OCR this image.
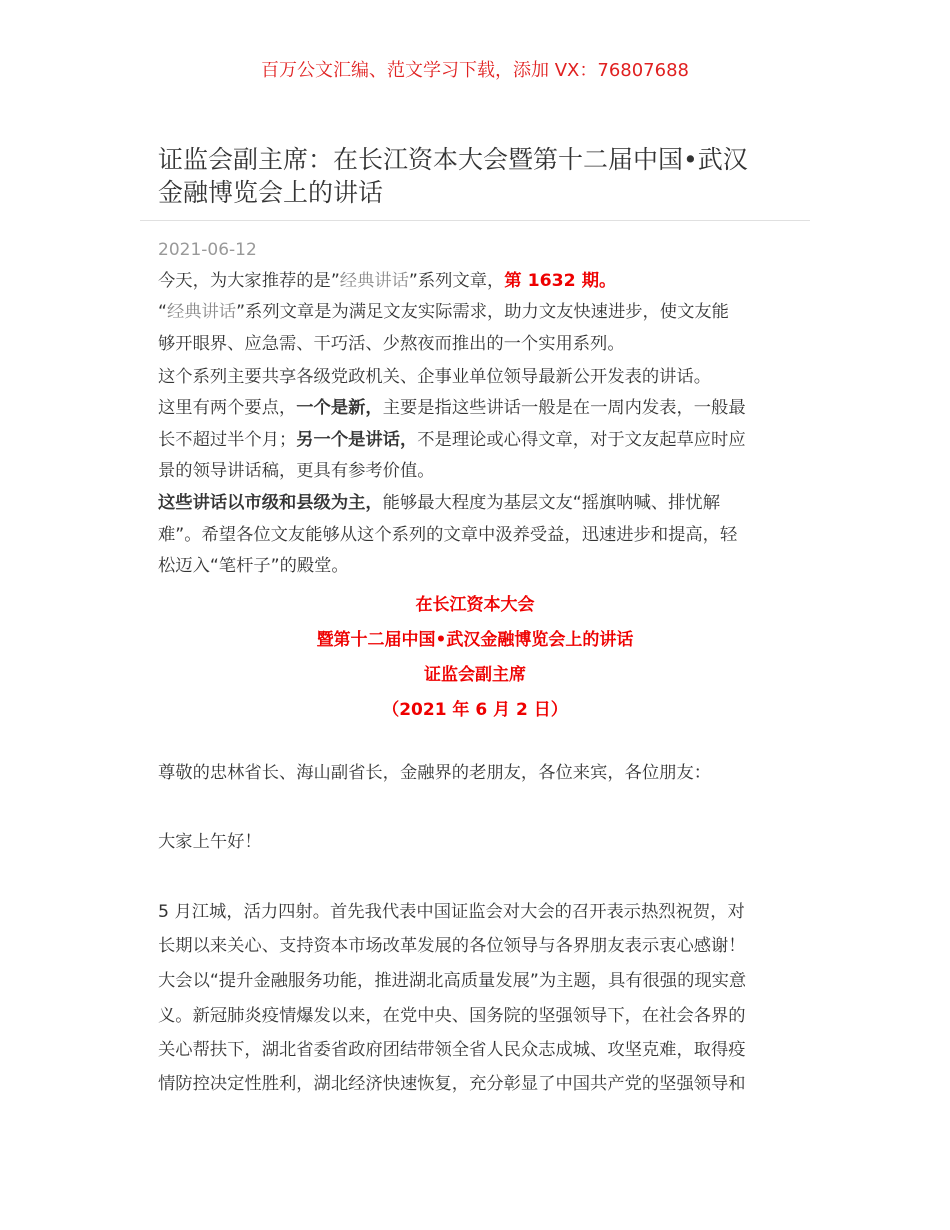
百万公文汇编、范文学习下载，添加 VX：76807688
证监会副主席：在长江资本大会暨第十二届中国•武汉
金融博览会上的讲话
2021-06-12
今天，为大家推荐的是”经典讲话”系列文章，第 1632 期。
“经典讲话”系列文章是为满足文友实际需求，助力文友快速进步，使文友能
够开眼界、应急需、干巧活、少熬夜而推出的一个实用系列。
这个系列主要共享各级党政机关、企事业单位领导最新公开发表的讲话。
这里有两个要点，一个是新，主要是指这些讲话一般是在一周内发表，一般最
长不超过半个月；另一个是讲话，不是理论或心得文章，对于文友起草应时应
景的领导讲话稿，更具有参考价值。
这些讲话以市级和县级为主，能够最大程度为基层文友“摇旗呐喊、排忧解
难”。希望各位文友能够从这个系列的文章中汲养受益，迅速进步和提高，轻
松迈入“笔杆子”的殿堂。
在长江资本大会
暨第十二届中国•武汉金融博览会上的讲话
证监会副主席
（2021 年 6 月 2 日）
尊敬的忠林省长、海山副省长，金融界的老朋友，各位来宾，各位朋友：
大家上午好！
5 月江城，活力四射。首先我代表中国证监会对大会的召开表示热烈祝贺，对
长期以来关心、支持资本市场改革发展的各位领导与各界朋友表示衷心感谢！
大会以“提升金融服务功能，推进湖北高质量发展”为主题，具有很强的现实意
义。新冠肺炎疫情爆发以来，在党中央、国务院的坚强领导下，在社会各界的
关心帮扶下，湖北省委省政府团结带领全省人民众志成城、攻坚克难，取得疫
情防控决定性胜利，湖北经济快速恢复，充分彰显了中国共产党的坚强领导和
